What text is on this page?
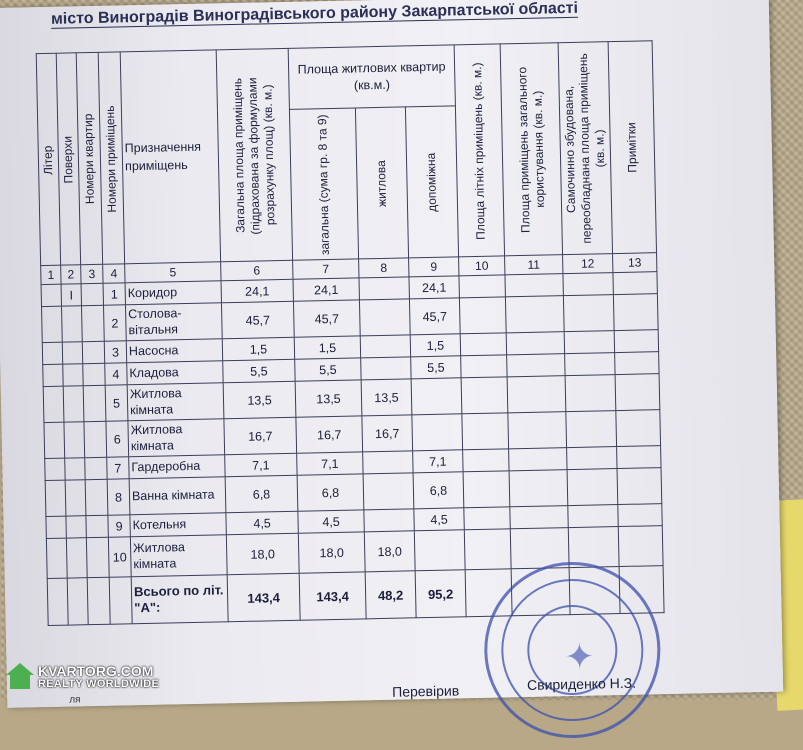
місто Виноградів Виноградівського району Закарпатської області
Літер	Поверхи	Номери квартир	Номери приміщень	Призначення приміщень	Загальна площа приміщень (підрахована за формулами розрахунку площ) (кв. м.)	Площа житлових квартир (кв.м.)			Площа літніх приміщень (кв. м.)	Площа приміщень загального користування (кв. м.)	Самочинно збудована, переобладнана площа приміщень (кв. м.)	Примітки

загальна (сума гр. 8 та 9)	житлова	допоміжна				

1	2	3	4	5	6	7	8	9	10	11	12	13
	I		1	Коридор	24,1	24,1		24,1				
			2	Столова-вітальня	45,7	45,7		45,7				
			3	Насосна	1,5	1,5		1,5				
			4	Кладова	5,5	5,5		5,5				
			5	Житлова кімната	13,5	13,5	13,5					
			6	Житлова кімната	16,7	16,7	16,7					
			7	Гардеробна	7,1	7,1		7,1				
			8	Ванна кімната	6,8	6,8		6,8				
			9	Котельня	4,5	4,5		4,5				
			10	Житлова кімната	18,0	18,0	18,0					
				Всього по літ. "А":	143,4	143,4	48,2	95,2				
✦
ля
Перевірив	Свириденко Н.З.
KVARTORG.COM
REALTY WORLDWIDE
